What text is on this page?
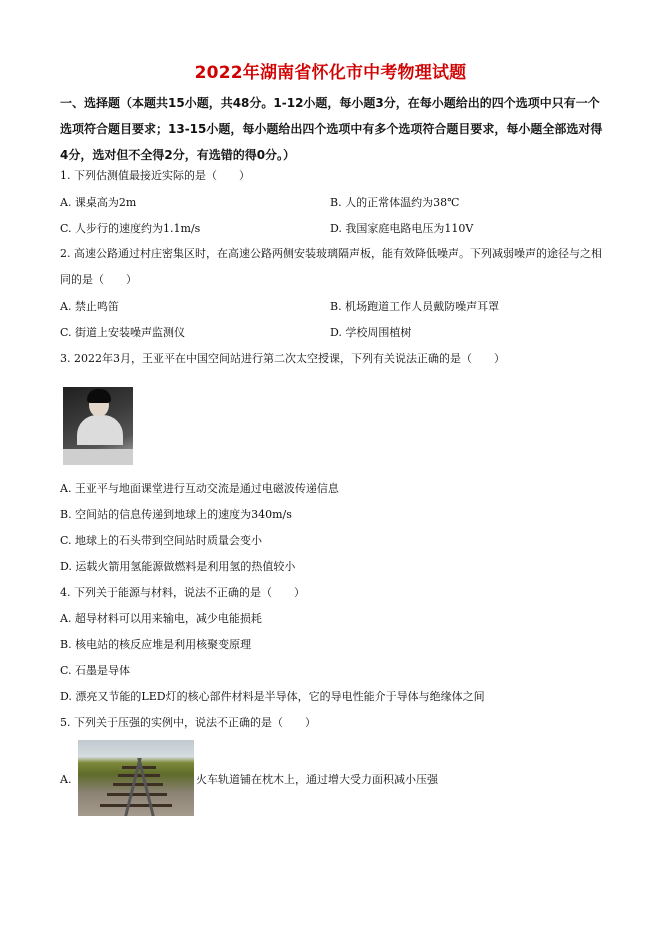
2022年湖南省怀化市中考物理试题
一、选择题（本题共15小题，共48分。1-12小题，每小题3分，在每小题给出的四个选项中只有一个选项符合题目要求；13-15小题，每小题给出四个选项中有多个选项符合题目要求，每小题全部选对得4分，选对但不全得2分，有选错的得0分。）
1. 下列估测值最接近实际的是（　　）
A. 课桌高为2m	B. 人的正常体温约为38℃
C. 人步行的速度约为1.1m/s	D. 我国家庭电路电压为110V
2. 高速公路通过村庄密集区时，在高速公路两侧安装玻璃隔声板，能有效降低噪声。下列减弱噪声的途径与之相同的是（　　）
A. 禁止鸣笛	B. 机场跑道工作人员戴防噪声耳罩
C. 街道上安装噪声监测仪	D. 学校周围植树
3. 2022年3月，王亚平在中国空间站进行第二次太空授课，下列有关说法正确的是（　　）
A. 王亚平与地面课堂进行互动交流是通过电磁波传递信息
B. 空间站的信息传递到地球上的速度为340m/s
C. 地球上的石头带到空间站时质量会变小
D. 运载火箭用氢能源做燃料是利用氢的热值较小
4. 下列关于能源与材料，说法不正确的是（　　）
A. 超导材料可以用来输电，减少电能损耗
B. 核电站的核反应堆是利用核聚变原理
C. 石墨是导体
D. 漂亮又节能的LED灯的核心部件材料是半导体，它的导电性能介于导体与绝缘体之间
5. 下列关于压强的实例中，说法不正确的是（　　）
A.	火车轨道铺在枕木上，通过增大受力面积减小压强
